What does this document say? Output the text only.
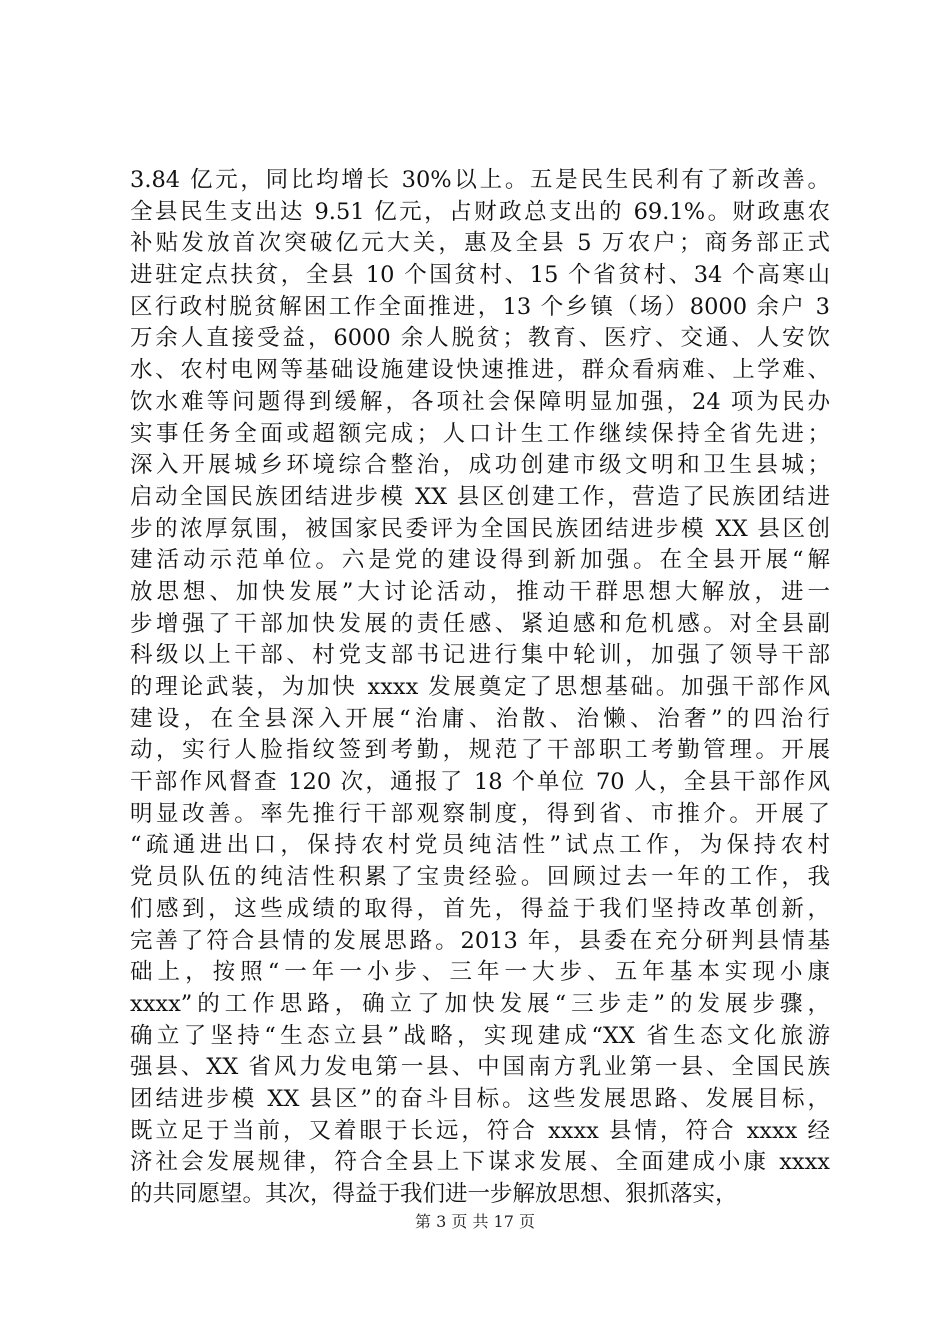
3.84 亿元，同比均增长 30%以上。五是民生民利有了新改善。
全县民生支出达 9.51 亿元，占财政总支出的 69.1%。财政惠农
补贴发放首次突破亿元大关，惠及全县 5 万农户；商务部正式
进驻定点扶贫，全县 10 个国贫村、15 个省贫村、34 个高寒山
区行政村脱贫解困工作全面推进，13 个乡镇（场）8000 余户 3
万余人直接受益，6000 余人脱贫；教育、医疗、交通、人安饮
水、农村电网等基础设施建设快速推进，群众看病难、上学难、
饮水难等问题得到缓解，各项社会保障明显加强，24 项为民办
实事任务全面或超额完成；人口计生工作继续保持全省先进；
深入开展城乡环境综合整治，成功创建市级文明和卫生县城；
启动全国民族团结进步模 XX 县区创建工作，营造了民族团结进
步的浓厚氛围，被国家民委评为全国民族团结进步模 XX 县区创
建活动示范单位。六是党的建设得到新加强。在全县开展“解
放思想、加快发展”大讨论活动，推动干群思想大解放，进一
步增强了干部加快发展的责任感、紧迫感和危机感。对全县副
科级以上干部、村党支部书记进行集中轮训，加强了领导干部
的理论武装，为加快 xxxx 发展奠定了思想基础。加强干部作风
建设，在全县深入开展“治庸、治散、治懒、治奢”的四治行
动，实行人脸指纹签到考勤，规范了干部职工考勤管理。开展
干部作风督查 120 次，通报了 18 个单位 70 人，全县干部作风
明显改善。率先推行干部观察制度，得到省、市推介。开展了
“疏通进出口，保持农村党员纯洁性”试点工作，为保持农村
党员队伍的纯洁性积累了宝贵经验。回顾过去一年的工作，我
们感到，这些成绩的取得，首先，得益于我们坚持改革创新，
完善了符合县情的发展思路。2013 年，县委在充分研判县情基
础上，按照“一年一小步、三年一大步、五年基本实现小康
xxxx”的工作思路，确立了加快发展“三步走”的发展步骤，
确立了坚持“生态立县”战略，实现建成“XX 省生态文化旅游
强县、XX 省风力发电第一县、中国南方乳业第一县、全国民族
团结进步模 XX 县区”的奋斗目标。这些发展思路、发展目标，
既立足于当前，又着眼于长远，符合 xxxx 县情，符合 xxxx 经
济社会发展规律，符合全县上下谋求发展、全面建成小康 xxxx
的共同愿望。其次，得益于我们进一步解放思想、狠抓落实，
第 3 页 共 17 页
